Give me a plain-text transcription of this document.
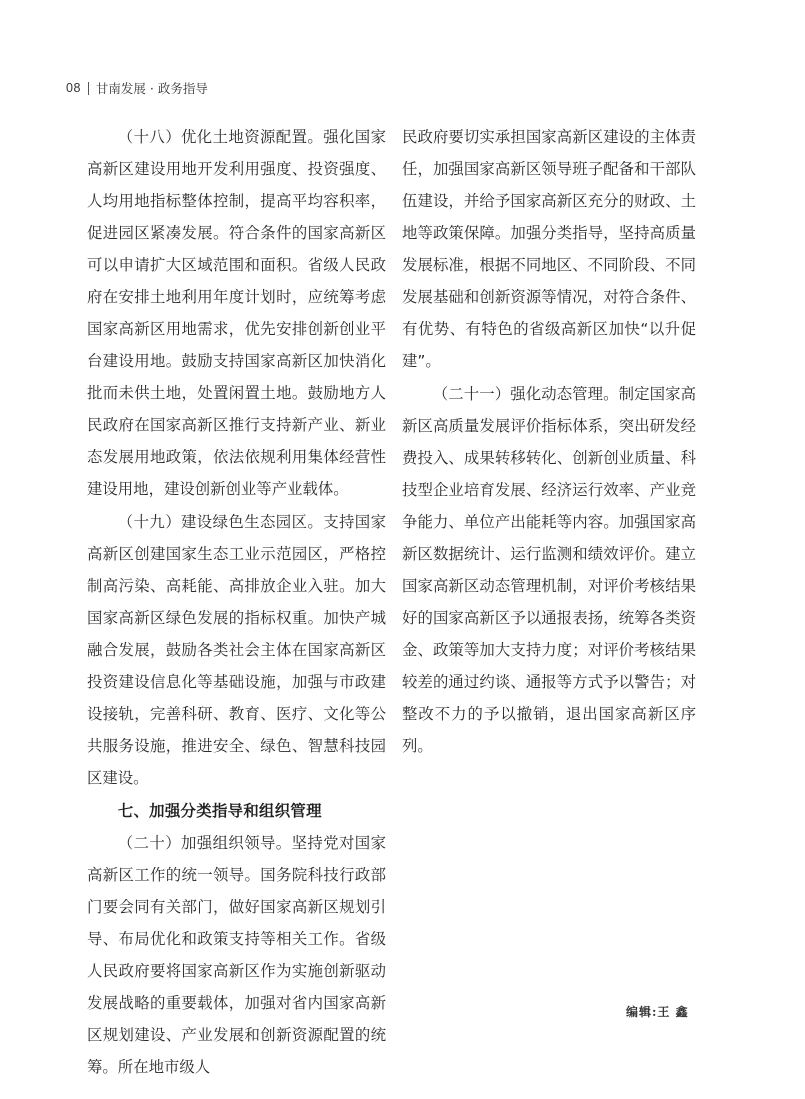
08 甘南发展 · 政务指导

（十八）优化土地资源配置。强化国家高新区建设用地开发利用强度、投资强度、人均用地指标整体控制，提高平均容积率，促进园区紧凑发展。符合条件的国家高新区可以申请扩大区域范围和面积。省级人民政府在安排土地利用年度计划时，应统筹考虑国家高新区用地需求，优先安排创新创业平台建设用地。鼓励支持国家高新区加快消化批而未供土地，处置闲置土地。鼓励地方人民政府在国家高新区推行支持新产业、新业态发展用地政策，依法依规利用集体经营性建设用地，建设创新创业等产业载体。

（十九）建设绿色生态园区。支持国家高新区创建国家生态工业示范园区，严格控制高污染、高耗能、高排放企业入驻。加大国家高新区绿色发展的指标权重。加快产城融合发展，鼓励各类社会主体在国家高新区投资建设信息化等基础设施，加强与市政建设接轨，完善科研、教育、医疗、文化等公共服务设施，推进安全、绿色、智慧科技园区建设。

七、加强分类指导和组织管理

（二十）加强组织领导。坚持党对国家高新区工作的统一领导。国务院科技行政部门要会同有关部门，做好国家高新区规划引导、布局优化和政策支持等相关工作。省级人民政府要将国家高新区作为实施创新驱动发展战略的重要载体，加强对省内国家高新区规划建设、产业发展和创新资源配置的统筹。所在地市级人

民政府要切实承担国家高新区建设的主体责任，加强国家高新区领导班子配备和干部队伍建设，并给予国家高新区充分的财政、土地等政策保障。加强分类指导，坚持高质量发展标准，根据不同地区、不同阶段、不同发展基础和创新资源等情况，对符合条件、有优势、有特色的省级高新区加快“以升促建”。

（二十一）强化动态管理。制定国家高新区高质量发展评价指标体系，突出研发经费投入、成果转移转化、创新创业质量、科技型企业培育发展、经济运行效率、产业竞争能力、单位产出能耗等内容。加强国家高新区数据统计、运行监测和绩效评价。建立国家高新区动态管理机制，对评价考核结果好的国家高新区予以通报表扬，统筹各类资金、政策等加大支持力度；对评价考核结果较差的通过约谈、通报等方式予以警告；对整改不力的予以撤销，退出国家高新区序列。

编辑:王 鑫
